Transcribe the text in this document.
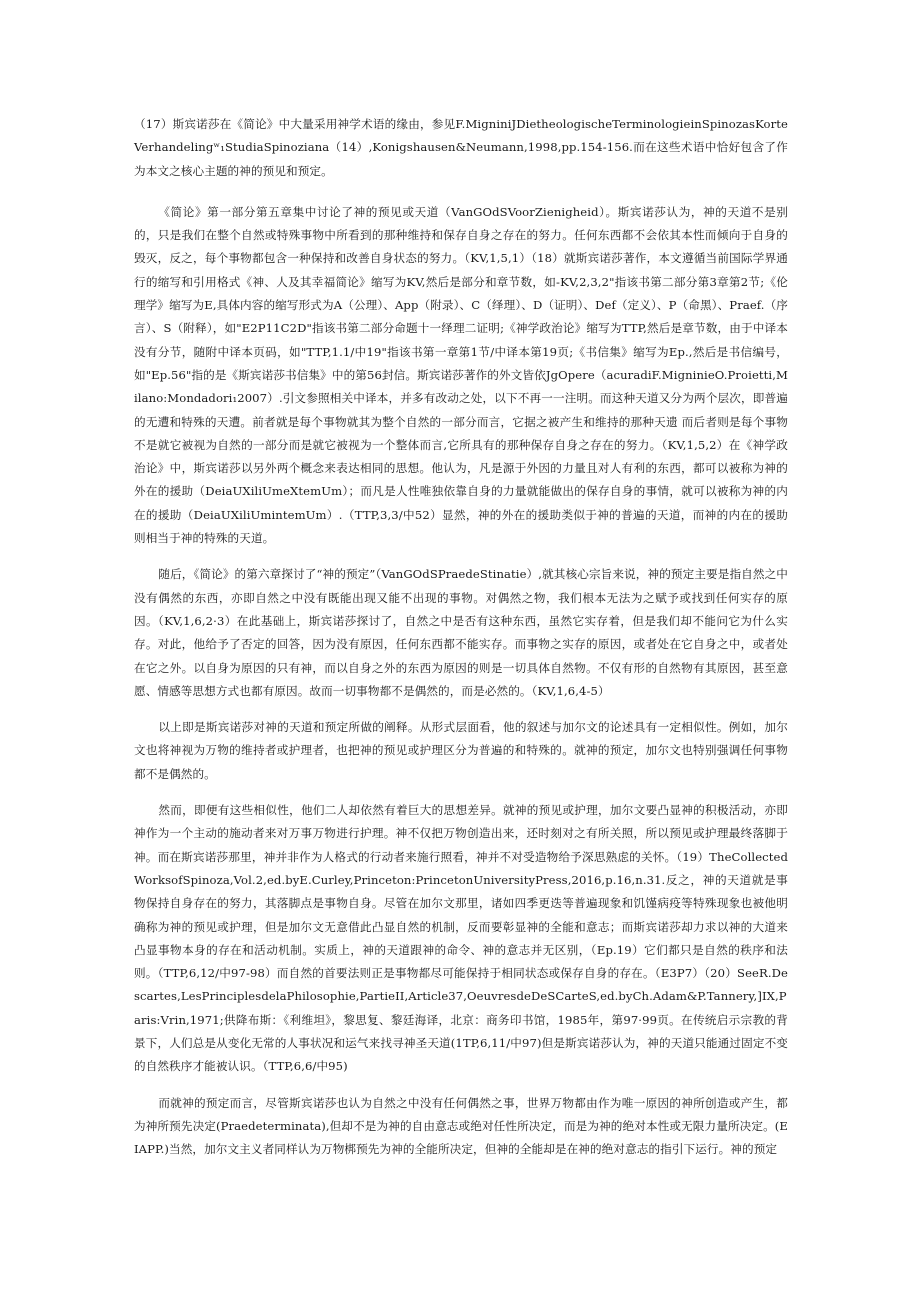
（17）斯宾诺莎在《简论》中大量采用神学术语的缘由，参见F.MigniniJDietheologischeTerminologieinSpinozasKorteVerhandelingʷ₁StudiaSpinoziana（14）,Konigshausen&Neumann,1998,pp.154-156.而在这些术语中恰好包含了作为本文之核心主题的神的预见和预定。

《简论》第一部分第五章集中讨论了神的预见或天道（VanGOdSVoorZienigheid）。斯宾诺莎认为，神的天道不是别的，只是我们在整个自然或特殊事物中所看到的那种维持和保存自身之存在的努力。任何东西都不会依其本性而倾向于自身的毁灭，反之，每个事物都包含一种保持和改善自身状态的努力。（KV,1,5,1）（18）就斯宾诺莎著作，本文遵循当前国际学界通行的缩写和引用格式《神、人及其幸福简论》缩写为KV,然后是部分和章节数，如-KV,2,3,2"指该书第二部分第3章第2节;《伦理学》缩写为E,具体内容的缩写形式为A（公理）、App（附录）、C（绎理）、D（证明）、Def（定义）、P（命黑）、Praef.（序言）、S（附释），如"E2P11C2D"指该书第二部分命题十一绎理二证明;《神学政治论》缩写为TTP,然后是章节数，由于中译本没有分节，随附中译本页码，如"TTP,1.1/中19"指该书第一章第1节/中译本第19页;《书信集》缩写为Ep.,然后是书信编号，如"Ep.56"指的是《斯宾诺莎书信集》中的第56封信。斯宾诺莎著作的外文皆依JgOpere（acuradiF.MigniniеO.Proietti,Milano:Mondadori₁2007）.引文参照相关中译本，并多有改动之处，以下不再一一注明。而这种天道又分为两个层次，即普遍的无遭和特殊的天遭。前者就是每个事物就其为整个自然的一部分而言，它据之被产生和维持的那种天遗 而后者则是每个事物不是就它被视为自然的一部分而是就它被视为一个整体而言,它所具有的那种保存自身之存在的努力。（KV,1,5,2）在《神学政治论》中，斯宾诺莎以另外两个概念来表达相同的思想。他认为，凡是源于外因的力量且对人有利的东西，都可以被称为神的外在的援助（DeiaUXiliUmeXtemUm）；而凡是人性唯独依靠自身的力量就能做出的保存自身的事情，就可以被称为神的内在的援助（DeiaUXiliUmintemUm）.（TTP,3,3/中52）显然，神的外在的援助类似于神的普遍的天道，而神的内在的援助则相当于神的特殊的天道。

随后，《简论》的第六章探讨了“神的预定”（VanGOdSPraedeStinatie）,就其核心宗旨来说，神的预定主要是指自然之中没有偶然的东西，亦即自然之中没有既能出现又能不出现的事物。对偶然之物，我们根本无法为之赋予或找到任何实存的原因。（KV,1,6,2·3）在此基础上，斯宾诺莎探讨了，自然之中是否有这种东西，虽然它实存着，但是我们却不能问它为什么实存。对此，他给予了否定的回答，因为没有原因，任何东西都不能实存。而事物之实存的原因，或者处在它自身之中，或者处在它之外。以自身为原因的只有神，而以自身之外的东西为原因的则是一切具体自然物。不仅有形的自然物有其原因，甚至意愿、情感等思想方式也都有原因。故而一切事物都不是偶然的，而是必然的。（KV,1,6,4-5）

以上即是斯宾诺莎对神的天道和预定所做的阐释。从形式层面看，他的叙述与加尔文的论述具有一定相似性。例如，加尔文也将神视为万物的维持者或护理者，也把神的预见或护理区分为普遍的和特殊的。就神的预定，加尔文也特别强调任何事物都不是偶然的。

然而，即便有这些相似性，他们二人却依然有着巨大的思想差异。就神的预见或护理，加尔文要凸显神的积极活动，亦即神作为一个主动的施动者来对万事万物进行护理。神不仅把万物创造出来，还时刻对之有所关照，所以预见或护理最终落脚于神。而在斯宾诺莎那里，神并非作为人格式的行动者来施行照看，神并不对受造物给予深思熟虑的关怀。（19）TheCollectedWorksofSpinoza,Vol.2,ed.byE.Curley,Princeton:PrincetonUniversityPress,2016,p.16,n.31.反之，神的天道就是事物保持自身存在的努力，其落脚点是事物自身。尽管在加尔文那里，诸如四季更迭等普遍现象和饥馑病疫等特殊现象也被他明确称为神的预见或护理，但是加尔文无意借此凸显自然的机制，反而要彰显神的全能和意志；而斯宾诺莎却力求以神的大道来凸显事物本身的存在和活动机制。实质上，神的天道跟神的命令、神的意志并无区别，（Ep.19）它们都只是自然的秩序和法则。（TTP,6,12/中97-98）而自然的首要法则正是事物都尽可能保持于相同状态或保存自身的存在。（E3P7）（20）SeeR.Descartes,LesPrinciplesdelaPhilosophie,PartieII,Article37,OeuvresdeDeSCarteS,ed.byCh.Adam&P.Tannery,]IX,Paris:Vrin,1971;供降布斯：《利维坦》，黎思复、黎廷海译，北京：商务印书馆，1985年，第97·99页。在传统启示宗教的背景下，人们总是从变化无常的人事状况和运气来找寻神圣天道(1TP,6,11/中97)但是斯宾诺莎认为，神的天道只能通过固定不变的自然秩序才能被认识。（TTP,6,6/中95)

而就神的预定而言，尽管斯宾诺莎也认为自然之中没有任何偶然之事，世界万物都由作为唯一原因的神所创造或产生，都为神所预先决定(Praedeterminata),但却不是为神的自由意志或绝对任性所决定，而是为神的绝对本性或无限力量所决定。(EIAPP.)当然，加尔文主义者同样认为万物梆预先为神的全能所决定，但神的全能却是在神的绝对意志的指引下运行。神的预定
